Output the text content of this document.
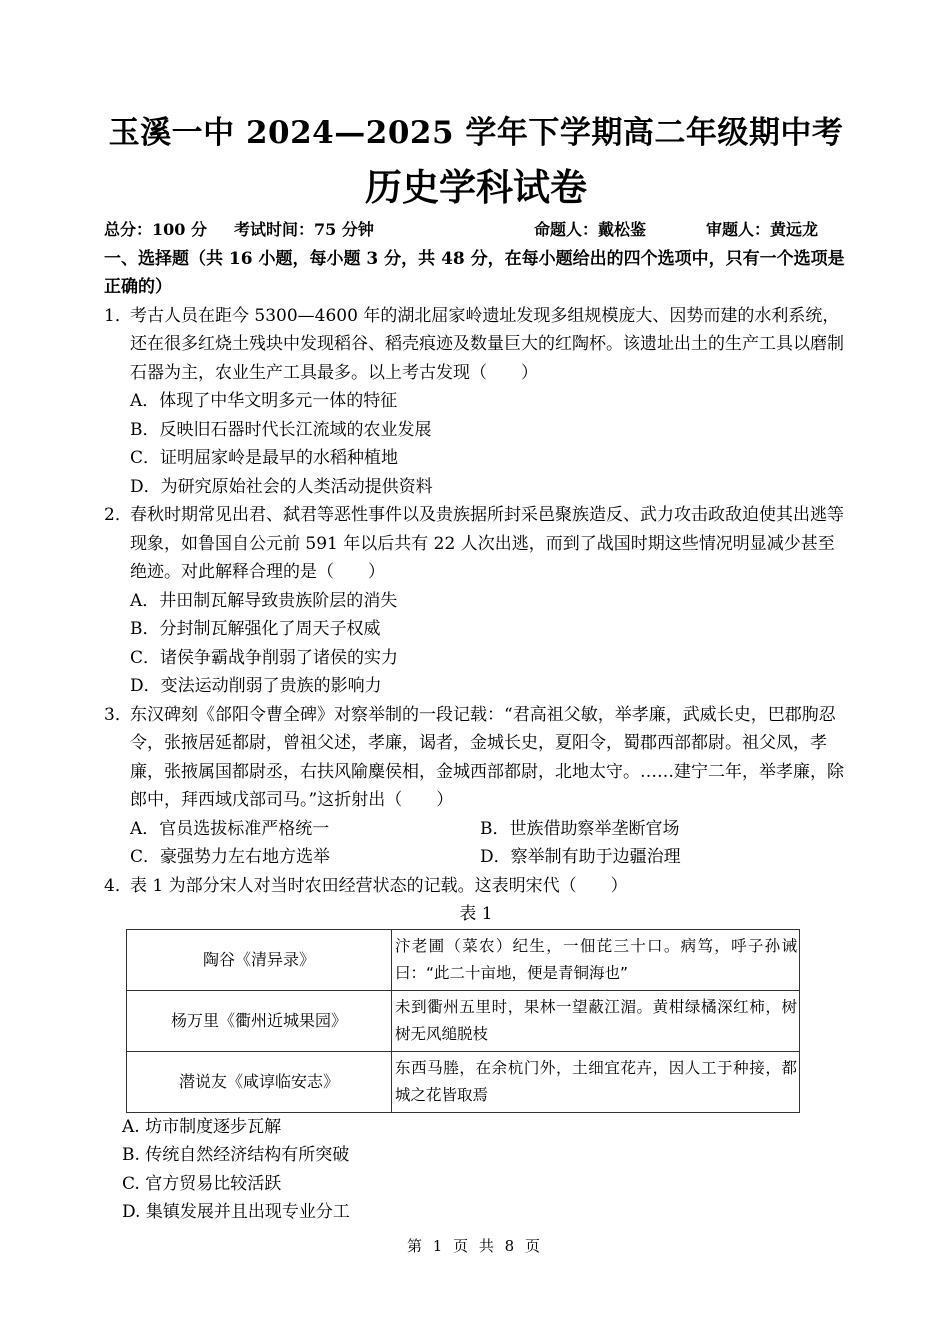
玉溪一中 2024—2025 学年下学期高二年级期中考
历史学科试卷
总分：100 分	考试时间：75 分钟	命题人：戴松鉴	审题人：黄远龙
一、选择题（共 16 小题，每小题 3 分，共 48 分，在每小题给出的四个选项中，只有一个选项是正确的）
1．
考古人员在距今 5300—4600 年的湖北屈家岭遗址发现多组规模庞大、因势而建的水利系统，还在很多红烧土残块中发现稻谷、稻壳痕迹及数量巨大的红陶杯。该遗址出土的生产工具以磨制石器为主，农业生产工具最多。以上考古发现（　　）
A．体现了中华文明多元一体的特征
B．反映旧石器时代长江流域的农业发展
C．证明屈家岭是最早的水稻种植地
D．为研究原始社会的人类活动提供资料
2．
春秋时期常见出君、弑君等恶性事件以及贵族据所封采邑聚族造反、武力攻击政敌迫使其出逃等现象，如鲁国自公元前 591 年以后共有 22 人次出逃，而到了战国时期这些情况明显减少甚至绝迹。对此解释合理的是（　　）
A．井田制瓦解导致贵族阶层的消失
B．分封制瓦解强化了周天子权威
C．诸侯争霸战争削弱了诸侯的实力
D．变法运动削弱了贵族的影响力
3．
东汉碑刻《郃阳令曹全碑》对察举制的一段记载：“君高祖父敏，举孝廉，武威长史，巴郡朐忍令，张掖居延都尉，曾祖父述，孝廉，谒者，金城长史，夏阳令，蜀郡西部都尉。祖父凤，孝廉，张掖属国都尉丞，右扶风隃麋侯相，金城西部都尉，北地太守。……建宁二年，举孝廉，除郎中，拜西域戊部司马。”这折射出（　　）
A．官员选拔标准严格统一	B．世族借助察举垄断官场
C．豪强势力左右地方选举	D．察举制有助于边疆治理
4．
表 1 为部分宋人对当时农田经营状态的记载。这表明宋代（　　）
表 1
陶谷《清异录》	汴老圃（菜农）纪生，一佃芘三十口。病笃，呼子孙诫曰：“此二十亩地，便是青铜海也”
杨万里《衢州近城果园》	未到衢州五里时，果林一望蔽江湄。黄柑绿橘深红柿，树树无风缒脱枝
潜说友《咸谆临安志》	东西马塍，在余杭门外，土细宜花卉，因人工于种接，都城之花皆取焉
A. 坊市制度逐步瓦解
B. 传统自然经济结构有所突破
C. 官方贸易比较活跃
D. 集镇发展并且出现专业分工
第 1 页 共 8 页
